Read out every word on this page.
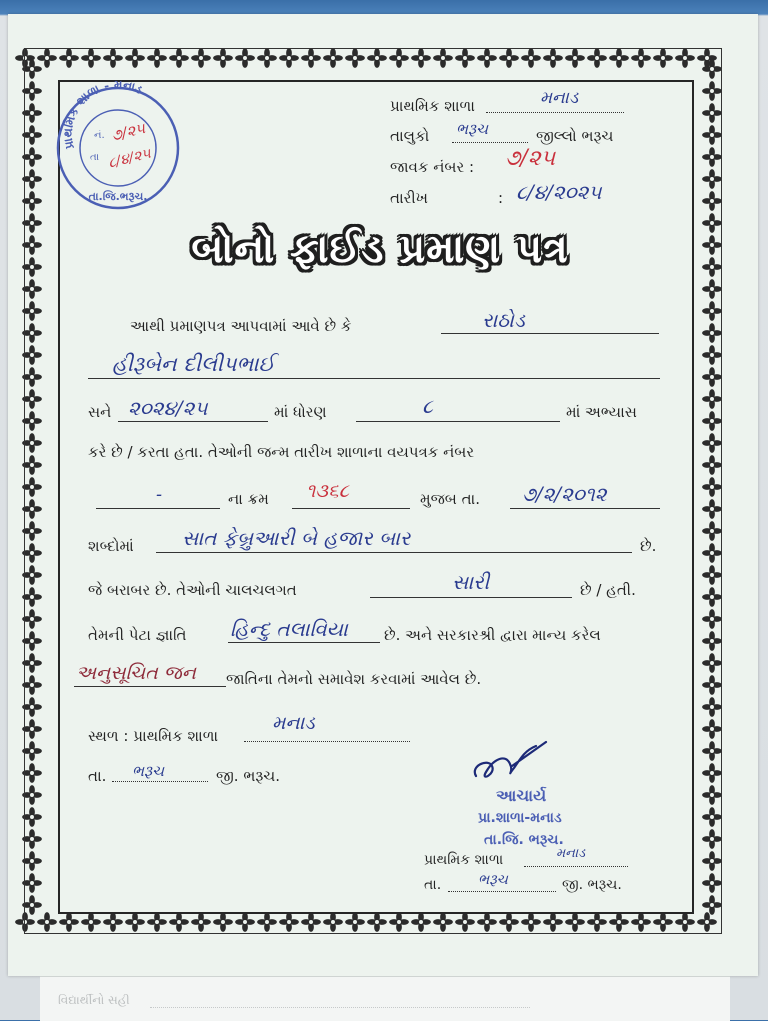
પ્રાથમિક શાળા - મનાડ
તા.જિ.ભરૂચ.
નં.
તા
૭/૨૫
૮/૪/૨૫
પ્રાથમિક શાળા	મનાડ
તાલુકો ભરૂચ	જીલ્લો ભરૂચ
જાવક નંબર : ૭/૨૫
તારીખ	: ૮/૪/૨૦૨૫
બોનો ફાઈડ પ્રમાણ પત્ર
આથી પ્રમાણપત્ર આપવામાં આવે છે કે	રાઠોડ
હીરૂબેન દીલીપભાઈ
સને ૨૦૨૪/૨૫	માં ધોરણ	૮	માં અભ્યાસ
કરે છે / કરતા હતા. તેઓની જન્મ તારીખ શાળાના વયપત્રક નંબર
-	ના ક્રમ ૧૩૬૮	મુજબ તા. ૭/૨/૨૦૧૨
શબ્દોમાં સાત ફેબ્રુઆરી બે હજાર બાર	છે.
જે બરાબર છે. તેઓની ચાલચલગત	સારી	છે / હતી.
તેમની પેટા જ્ઞાતિ હિન્દુ તલાવિયા છે. અને સરકારશ્રી દ્વારા માન્ય કરેલ
અનુસૂચિત જન જાતિના તેમનો સમાવેશ કરવામાં આવેલ છે.
સ્થળ : પ્રાથમિક શાળા
મનાડ
તા. ભરૂચ	જી. ભરૂચ.
આચાર્ય
પ્રા.શાળા-મનાડ
તા.જિ. ભરૂચ.
પ્રાથમિક શાળા	મનાડ
તા.	ભરૂચ	જી. ભરૂચ.
વિદ્યાર્થીનો સહી
